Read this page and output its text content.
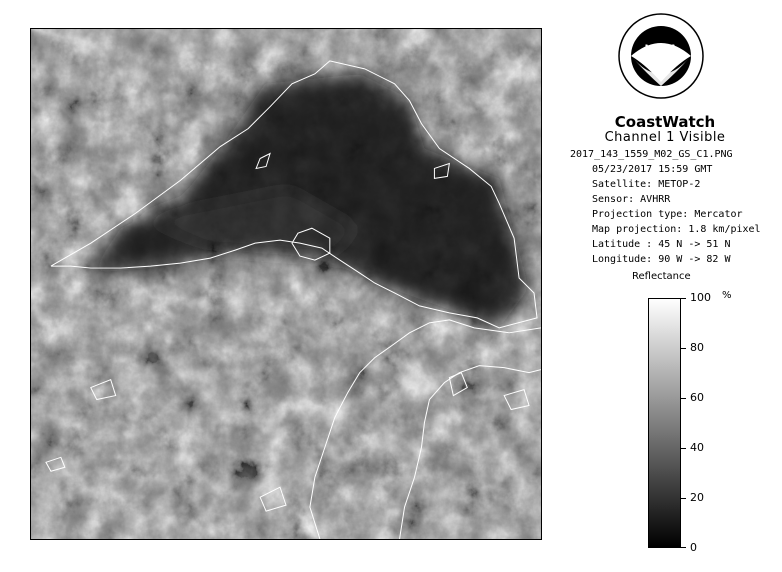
NOAA
CoastWatch
Channel 1 Visible
2017_143_1559_M02_GS_C1.PNG
05/23/2017 15:59 GMT
Satellite: METOP-2
Sensor: AVHRR
Projection type: Mercator
Map projection: 1.8 km/pixel
Latitude : 45 N -> 51 N
Longitude: 90 W -> 82 W
Reflectance
%
100
80
60
40
20
0
